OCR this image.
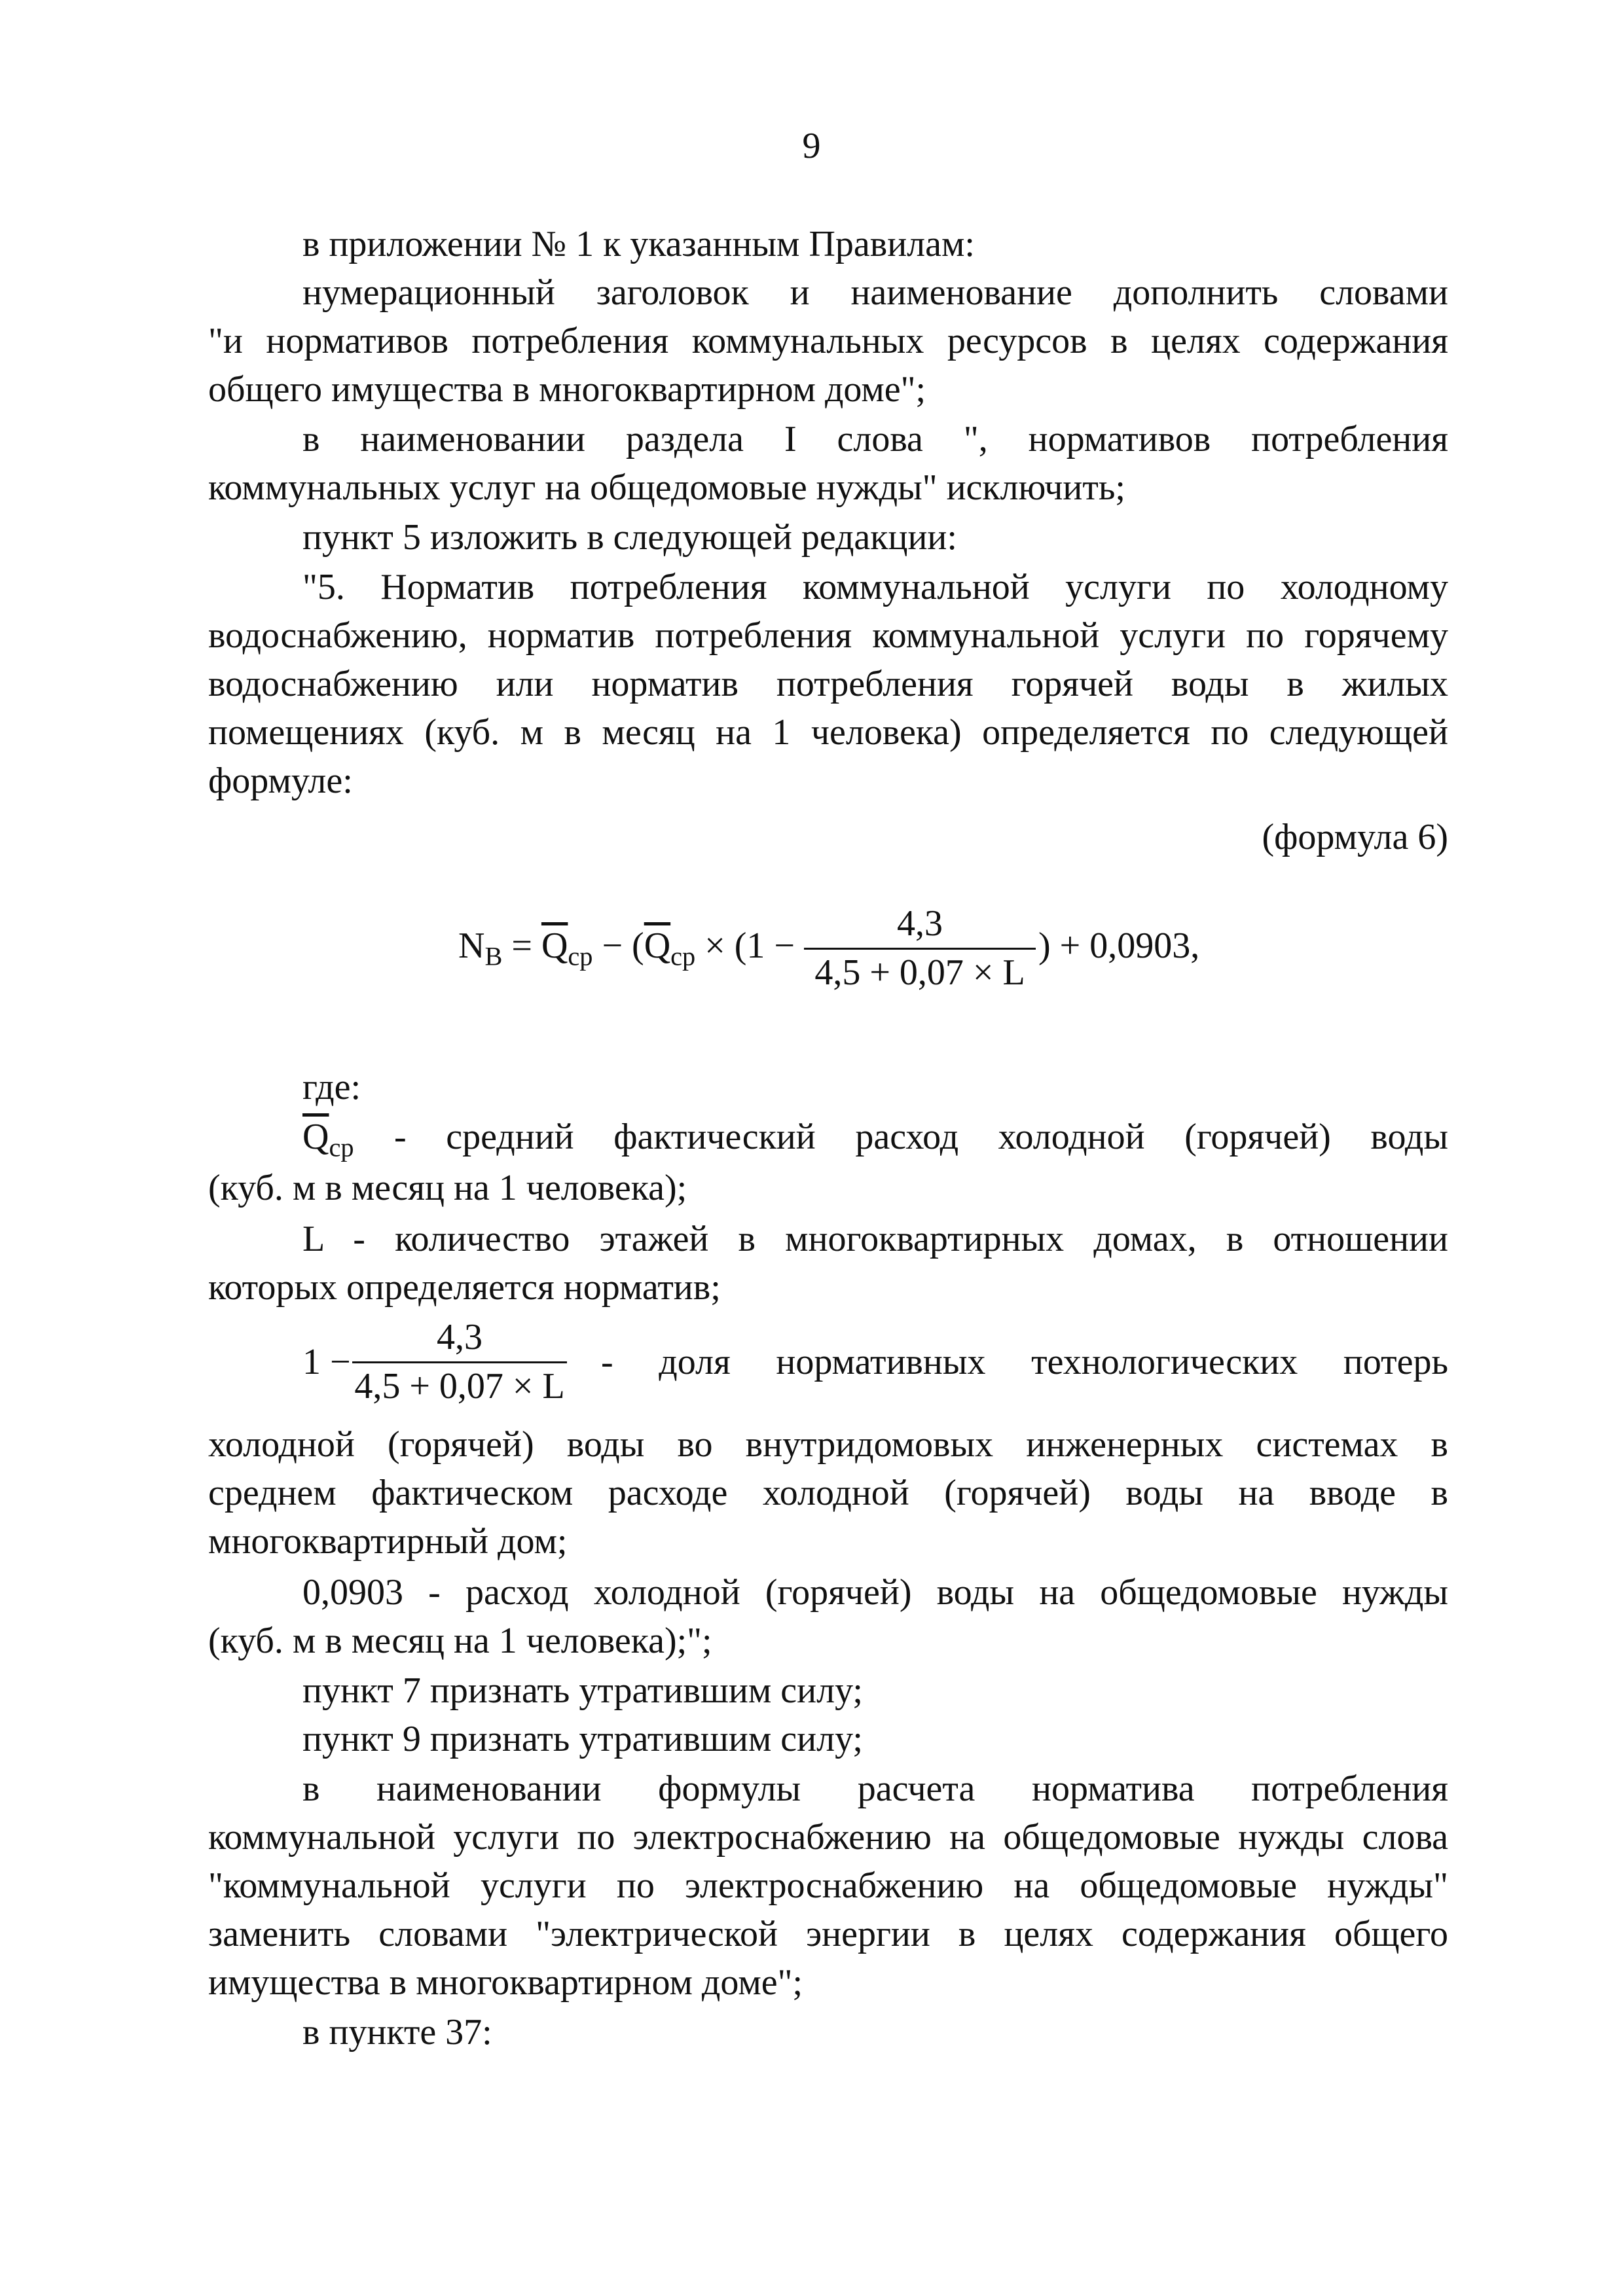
9
в приложении № 1 к указанным Правилам:
нумерационный заголовок и наименование дополнить словами
"и нормативов потребления коммунальных ресурсов в целях содержания
общего имущества в многоквартирном доме";
в наименовании раздела I слова ", нормативов потребления
коммунальных услуг на общедомовые нужды" исключить;
пункт 5 изложить в следующей редакции:
"5. Норматив потребления коммунальной услуги по холодному
водоснабжению, норматив потребления коммунальной услуги по горячему
водоснабжению или норматив потребления горячей воды в жилых
помещениях (куб. м в месяц на 1 человека) определяется по следующей
формуле:
(формула 6)
$N_В = \overline{Q}_{ср} - (\overline{Q}_{ср} \times (1$ −
4,3
4,5 + 0,07 × L
) + 0,0903,
где:
$\overline{Q}_{ср}$ - средний фактический расход холодной (горячей) воды
(куб. м в месяц на 1 человека);
L - количество этажей в многоквартирных домах, в отношении
которых определяется норматив;
1 −
4,3
4,5 + 0,07 × L
- доля нормативных технологических потерь
холодной (горячей) воды во внутридомовых инженерных системах в
среднем фактическом расходе холодной (горячей) воды на вводе в
многоквартирный дом;
0,0903 - расход холодной (горячей) воды на общедомовые нужды
(куб. м в месяц на 1 человека);";
пункт 7 признать утратившим силу;
пункт 9 признать утратившим силу;
в наименовании формулы расчета норматива потребления
коммунальной услуги по электроснабжению на общедомовые нужды слова
"коммунальной услуги по электроснабжению на общедомовые нужды"
заменить словами "электрической энергии в целях содержания общего
имущества в многоквартирном доме";
в пункте 37:
